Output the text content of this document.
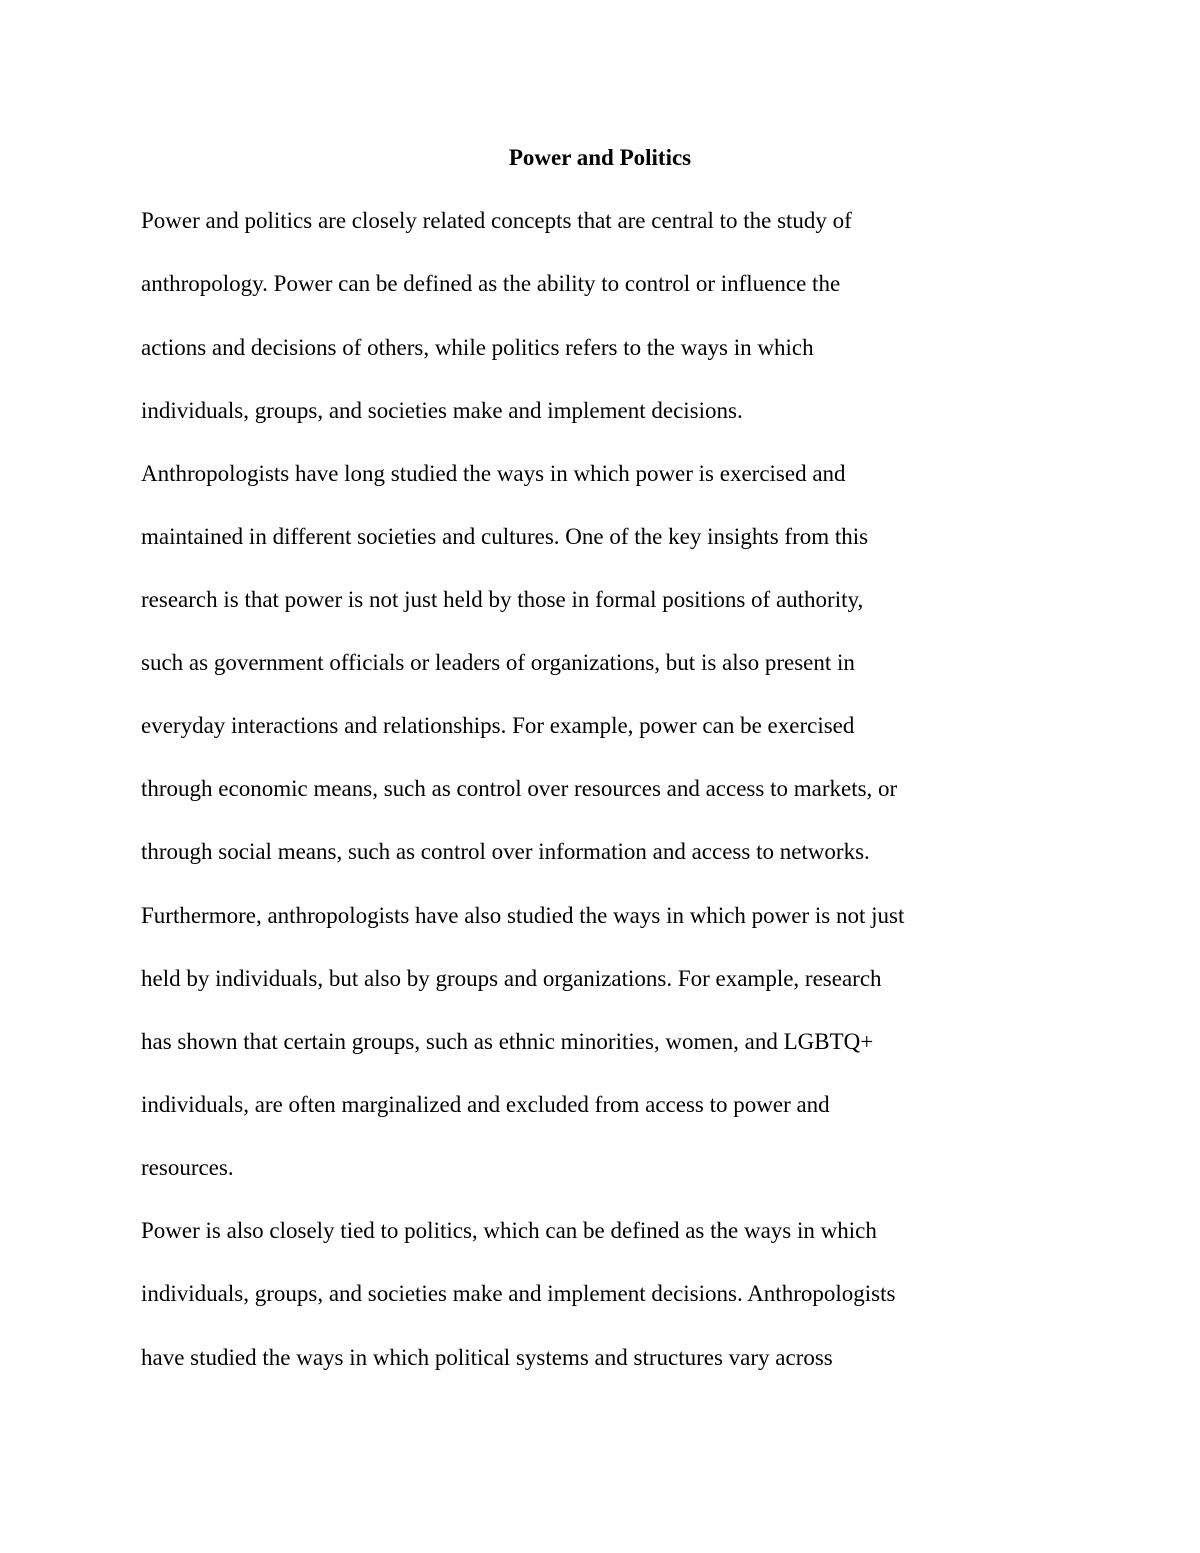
Power and Politics

Power and politics are closely related concepts that are central to the study of

anthropology. Power can be defined as the ability to control or influence the

actions and decisions of others, while politics refers to the ways in which

individuals, groups, and societies make and implement decisions.

Anthropologists have long studied the ways in which power is exercised and

maintained in different societies and cultures. One of the key insights from this

research is that power is not just held by those in formal positions of authority,

such as government officials or leaders of organizations, but is also present in

everyday interactions and relationships. For example, power can be exercised

through economic means, such as control over resources and access to markets, or

through social means, such as control over information and access to networks.

Furthermore, anthropologists have also studied the ways in which power is not just

held by individuals, but also by groups and organizations. For example, research

has shown that certain groups, such as ethnic minorities, women, and LGBTQ+

individuals, are often marginalized and excluded from access to power and

resources.

Power is also closely tied to politics, which can be defined as the ways in which

individuals, groups, and societies make and implement decisions. Anthropologists

have studied the ways in which political systems and structures vary across
